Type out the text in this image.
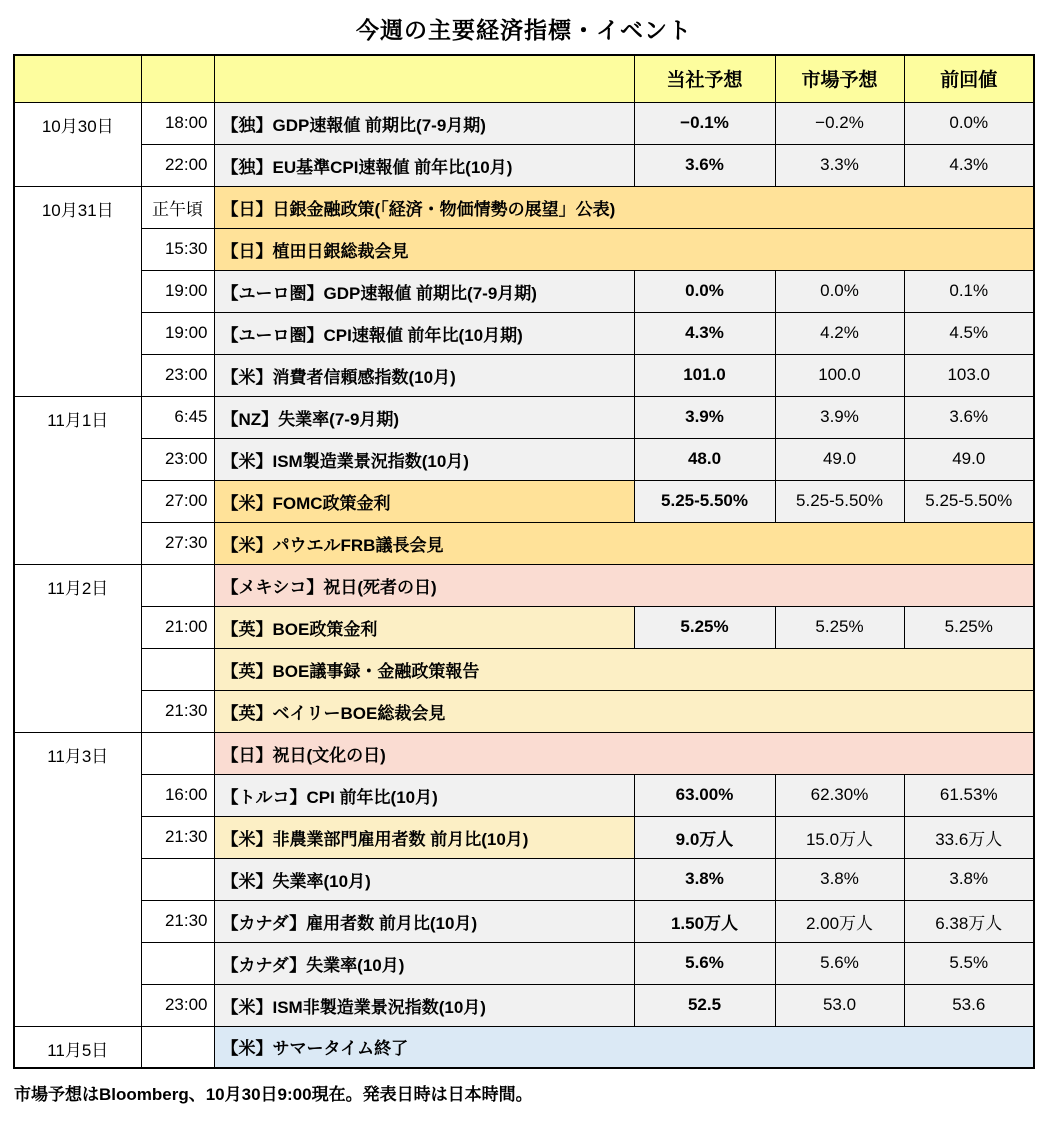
今週の主要経済指標・イベント
			当社予想	市場予想	前回値
10月30日	18:00	【独】GDP速報値 前期比(7-9月期)	−0.1%	−0.2%	0.0%
	22:00	【独】EU基準CPI速報値 前年比(10月)	3.6%	3.3%	4.3%
10月31日	正午頃	【日】日銀金融政策(「経済・物価情勢の展望」公表)			
	15:30	【日】植田日銀総裁会見			
	19:00	【ユーロ圏】GDP速報値 前期比(7-9月期)	0.0%	0.0%	0.1%
	19:00	【ユーロ圏】CPI速報値 前年比(10月期)	4.3%	4.2%	4.5%
	23:00	【米】消費者信頼感指数(10月)	101.0	100.0	103.0
11月1日	6:45	【NZ】失業率(7-9月期)	3.9%	3.9%	3.6%
	23:00	【米】ISM製造業景況指数(10月)	48.0	49.0	49.0
	27:00	【米】FOMC政策金利	5.25-5.50%	5.25-5.50%	5.25-5.50%
	27:30	【米】パウエルFRB議長会見			
11月2日		【メキシコ】祝日(死者の日)			
	21:00	【英】BOE政策金利	5.25%	5.25%	5.25%
		【英】BOE議事録・金融政策報告			
	21:30	【英】ベイリーBOE総裁会見			
11月3日		【日】祝日(文化の日)			
	16:00	【トルコ】CPI 前年比(10月)	63.00%	62.30%	61.53%
	21:30	【米】非農業部門雇用者数 前月比(10月)	9.0万人	15.0万人	33.6万人
		【米】失業率(10月)	3.8%	3.8%	3.8%
	21:30	【カナダ】雇用者数 前月比(10月)	1.50万人	2.00万人	6.38万人
		【カナダ】失業率(10月)	5.6%	5.6%	5.5%
	23:00	【米】ISM非製造業景況指数(10月)	52.5	53.0	53.6
11月5日		【米】サマータイム終了			
市場予想はBloomberg、10月30日9:00現在。発表日時は日本時間。
